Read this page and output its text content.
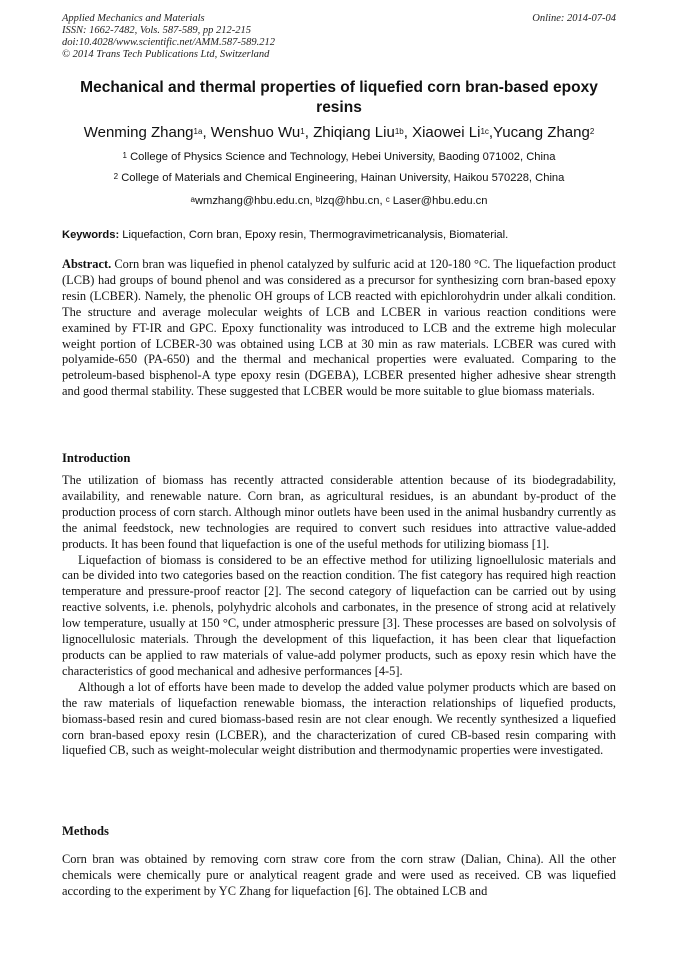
Applied Mechanics and Materials
ISSN: 1662-7482, Vols. 587-589, pp 212-215
doi:10.4028/www.scientific.net/AMM.587-589.212
© 2014 Trans Tech Publications Ltd, Switzerland
Online: 2014-07-04
Mechanical and thermal properties of liquefied corn bran-based epoxy resins
Wenming Zhang$^{1a}$, Wenshuo Wu$^1$, Zhiqiang Liu$^{1b}$, Xiaowei $Li^{1c},Yucang$ Zhang$^2$
$^1$ College of Physics Science and Technology, Hebei University, Baoding 071002, China
$^2$ College of Materials and Chemical Engineering, Hainan University, Haikou 570228, China
$^a$wmzhang@hbu.edu.cn, $^b$lzq@hbu.cn, $^c$ Laser@hbu.edu.cn
Keywords: Liquefaction, Corn bran, Epoxy resin, Thermogravimetricanalysis, Biomaterial.
Abstract. Corn bran was liquefied in phenol catalyzed by sulfuric acid at 120-180 °C. The liquefaction product (LCB) had groups of bound phenol and was considered as a precursor for synthesizing corn bran-based epoxy resin (LCBER). Namely, the phenolic OH groups of LCB reacted with epichlorohydrin under alkali condition. The structure and average molecular weights of LCB and LCBER in various reaction conditions were examined by FT-IR and GPC. Epoxy functionality was introduced to LCB and the extreme high molecular weight portion of LCBER-30 was obtained using LCB at 30 min as raw materials. LCBER was cured with polyamide-650 (PA-650) and the thermal and mechanical properties were evaluated. Comparing to the petroleum-based bisphenol-A type epoxy resin (DGEBA), LCBER presented higher adhesive shear strength and good thermal stability. These suggested that LCBER would be more suitable to glue biomass materials.
Introduction

The utilization of biomass has recently attracted considerable attention because of its biodegradability, availability, and renewable nature. Corn bran, as agricultural residues, is an abundant by-product of the production process of corn starch. Although minor outlets have been used in the animal husbandry currently as the animal feedstock, new technologies are required to convert such residues into attractive value-added products. It has been found that liquefaction is one of the useful methods for utilizing biomass [1].

Liquefaction of biomass is considered to be an effective method for utilizing lignoellulosic materials and can be divided into two categories based on the reaction condition. The fist category has required high reaction temperature and pressure-proof reactor [2]. The second category of liquefaction can be carried out by using reactive solvents, i.e. phenols, polyhydric alcohols and carbonates, in the presence of strong acid at relatively low temperature, usually at 150 °C, under atmospheric pressure [3]. These processes are based on solvolysis of lignocellulosic materials. Through the development of this liquefaction, it has been clear that liquefaction products can be applied to raw materials of value-add polymer products, such as epoxy resin which have the characteristics of good mechanical and adhesive performances [4-5].

Although a lot of efforts have been made to develop the added value polymer products which are based on the raw materials of liquefaction renewable biomass, the interaction relationships of liquefied products, biomass-based resin and cured biomass-based resin are not clear enough. We recently synthesized a liquefied corn bran-based epoxy resin (LCBER), and the characterization of cured CB-based resin comparing with liquefied CB, such as weight-molecular weight distribution and thermodynamic properties were investigated.

Methods

Corn bran was obtained by removing corn straw core from the corn straw (Dalian, China). All the other chemicals were chemically pure or analytical reagent grade and were used as received. CB was liquefied according to the experiment by YC Zhang for liquefaction [6]. The obtained LCB and
